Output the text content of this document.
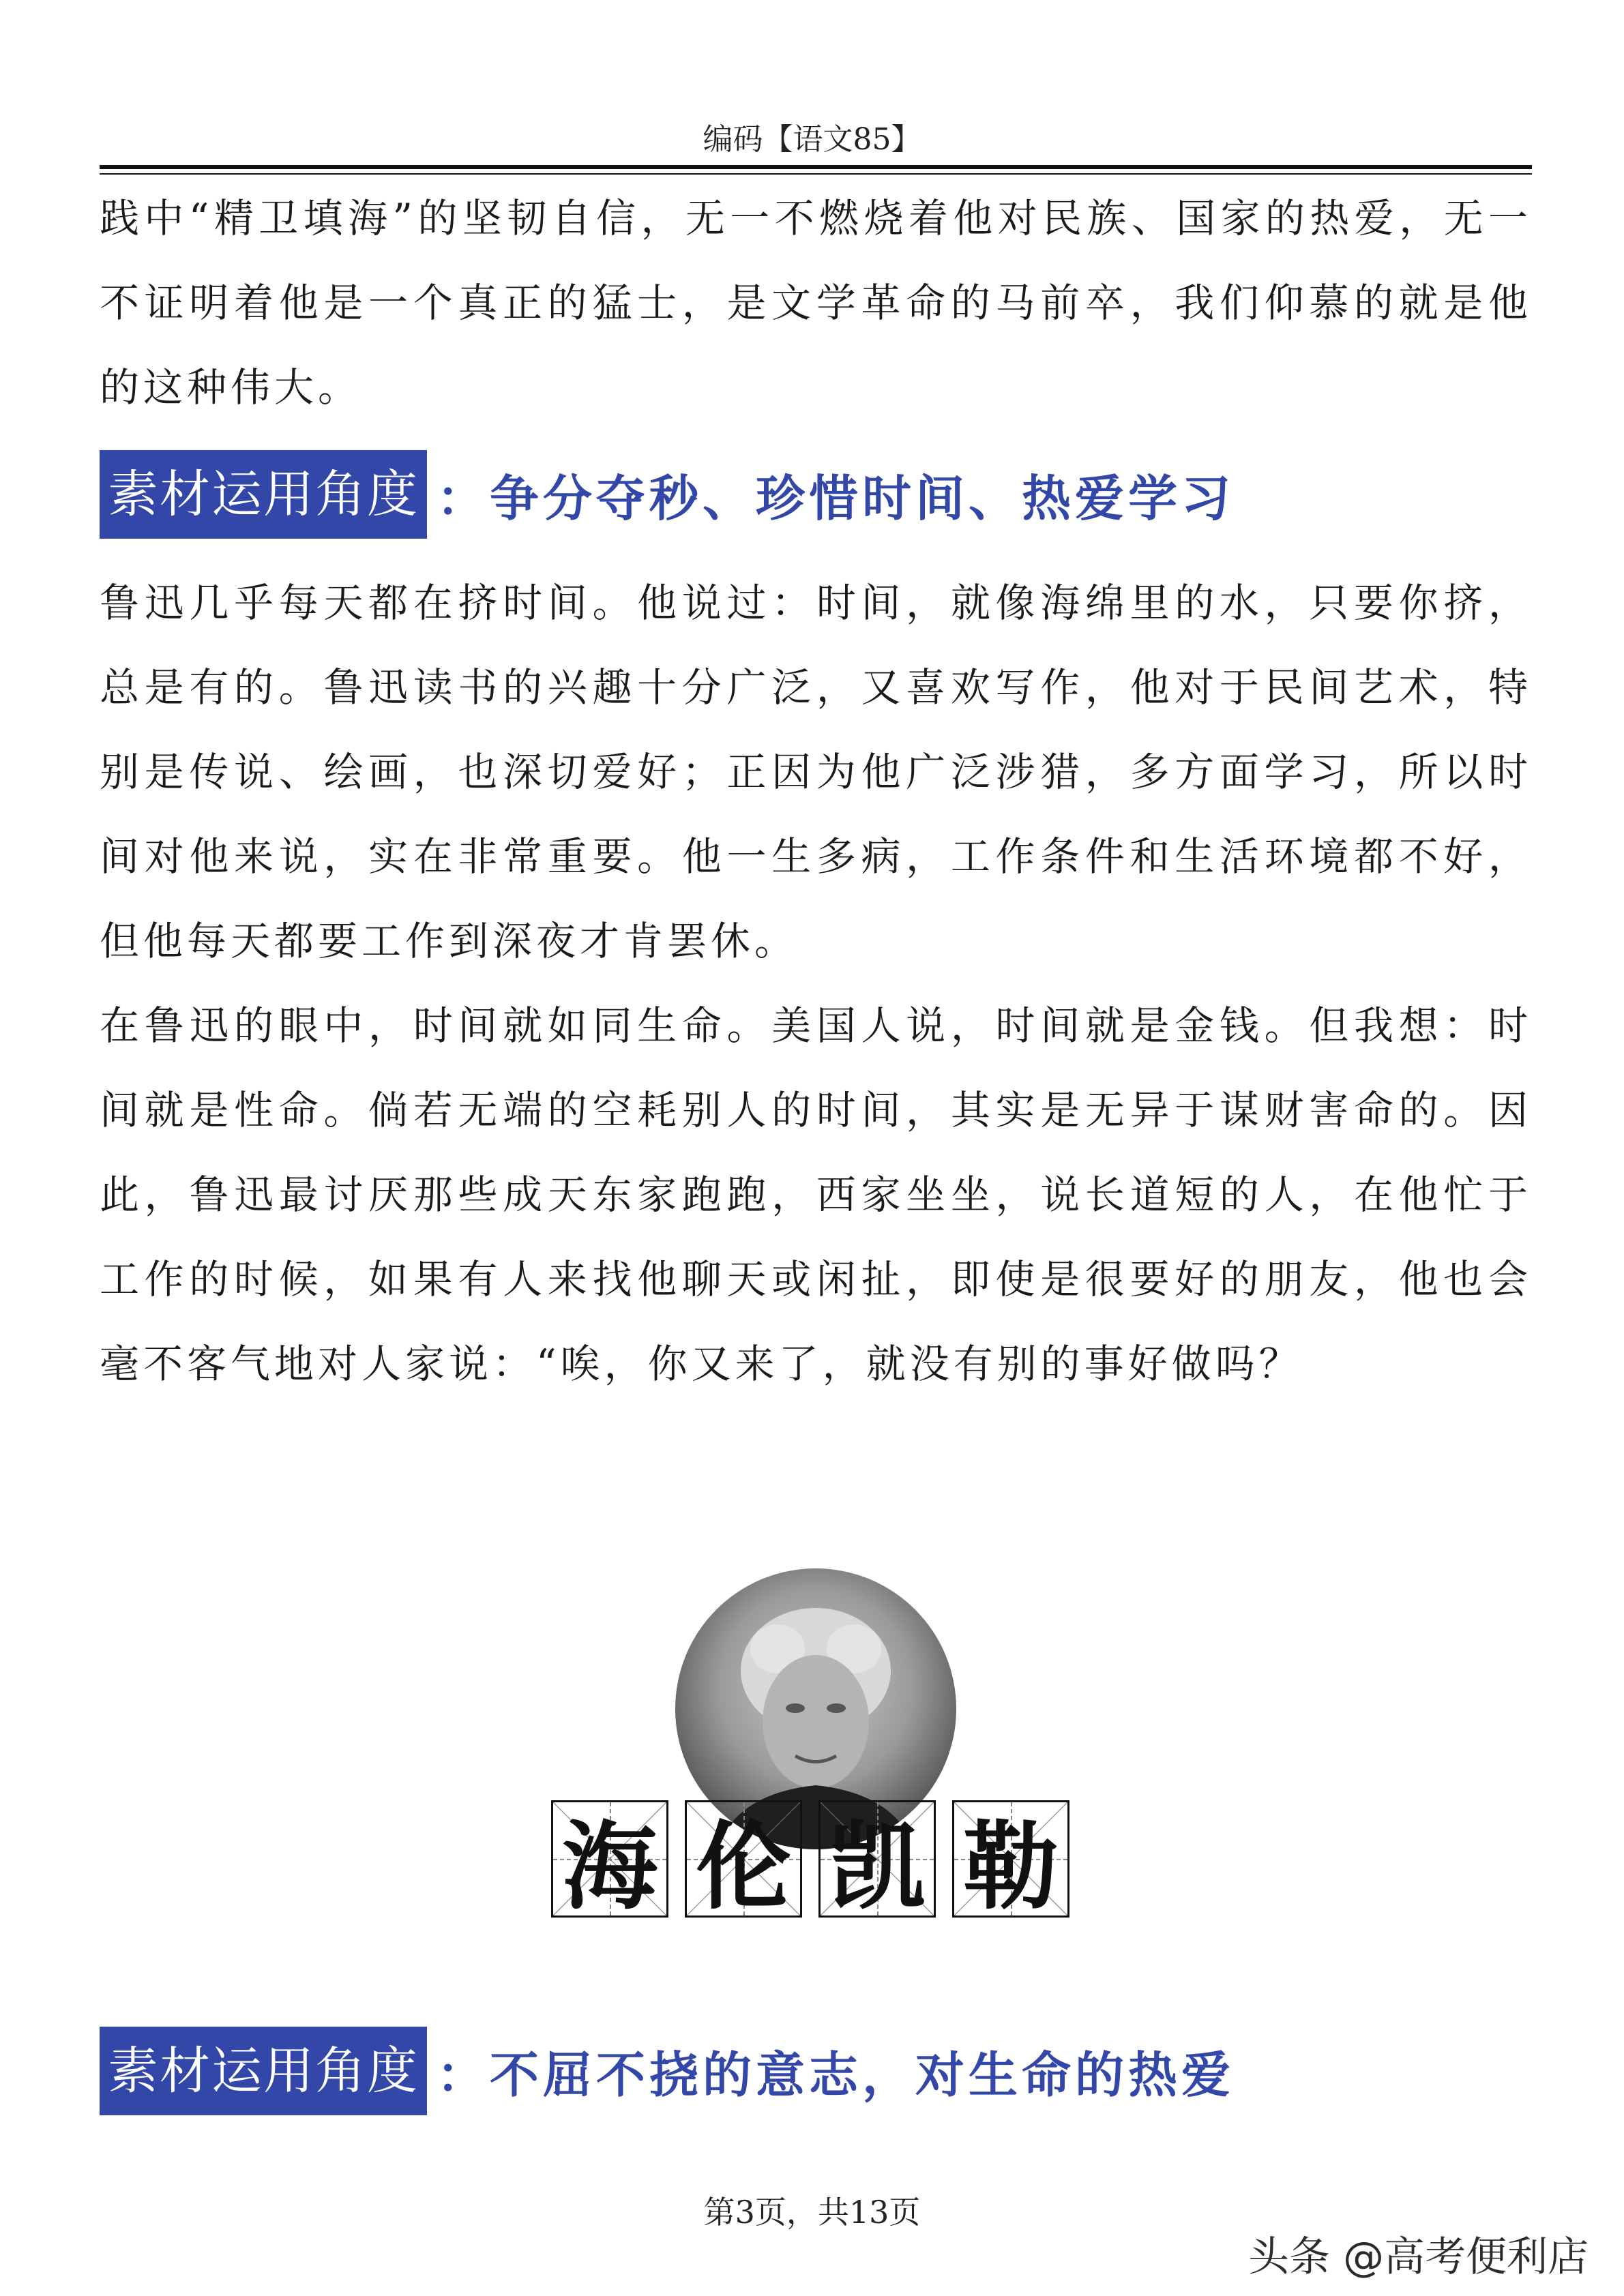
编码【语文85】

践中“精卫填海”的坚韧自信，无一不燃烧着他对民族、国家的热爱，无一不证明着他是一个真正的猛士，是文学革命的马前卒，我们仰慕的就是他的这种伟大。

素材运用角度 ：争分夺秒、珍惜时间、热爱学习

鲁迅几乎每天都在挤时间。他说过：时间，就像海绵里的水，只要你挤，总是有的。鲁迅读书的兴趣十分广泛，又喜欢写作，他对于民间艺术，特别是传说、绘画，也深切爱好；正因为他广泛涉猎，多方面学习，所以时间对他来说，实在非常重要。他一生多病，工作条件和生活环境都不好，但他每天都要工作到深夜才肯罢休。

在鲁迅的眼中，时间就如同生命。美国人说，时间就是金钱。但我想：时间就是性命。倘若无端的空耗别人的时间，其实是无异于谋财害命的。因此，鲁迅最讨厌那些成天东家跑跑，西家坐坐，说长道短的人，在他忙于工作的时候，如果有人来找他聊天或闲扯，即使是很要好的朋友，他也会毫不客气地对人家说：“唉，你又来了，就没有别的事好做吗？

海 伦 凯 勒
素材运用角度 ：不屈不挠的意志，对生命的热爱
第3页，共13页
头条 @高考便利店
